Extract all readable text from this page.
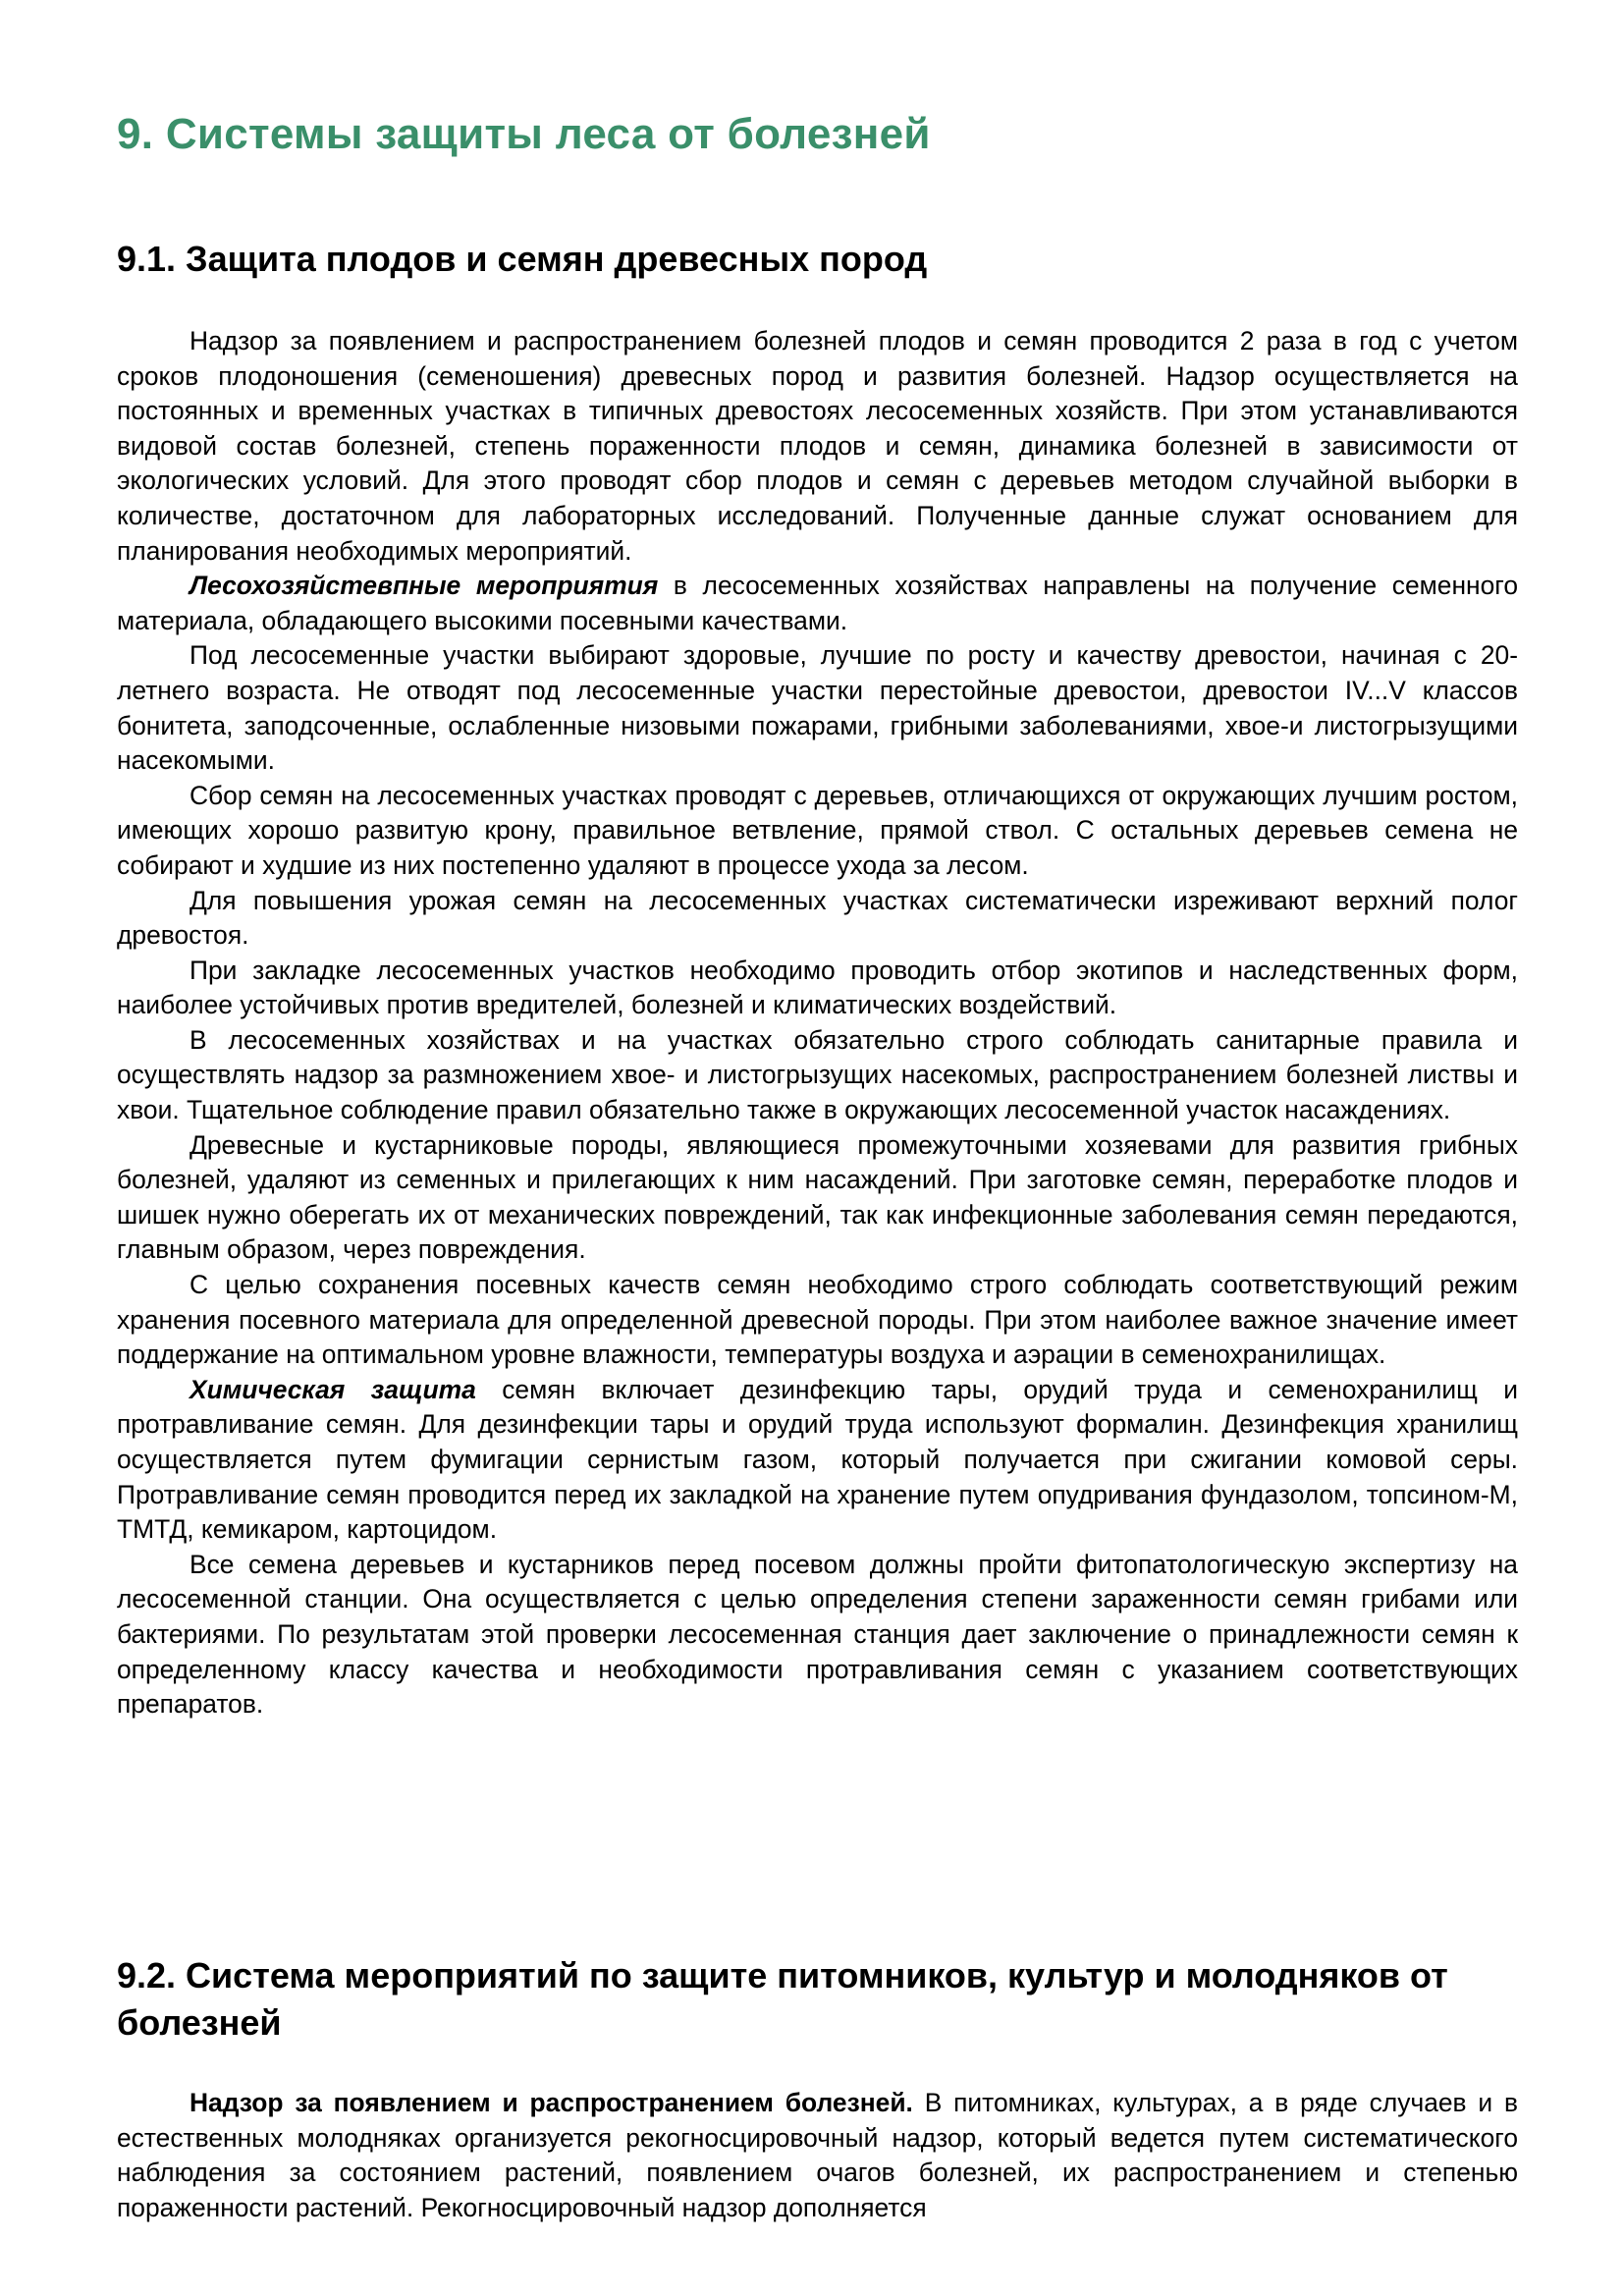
9. Системы защиты леса от болезней
9.1. Защита плодов и семян древесных пород

Надзор за появлением и распространением болезней плодов и семян проводится 2 раза в год с учетом сроков плодоношения (семеношения) древесных пород и развития болезней. Надзор осуществляется на постоянных и временных участках в типичных древостоях лесосеменных хозяйств. При этом устанавливаются видовой состав болезней, степень пораженности плодов и семян, динамика болезней в зависимости от экологических условий. Для этого проводят сбор плодов и семян с деревьев методом случайной выборки в количестве, достаточном для лабораторных исследований. Полученные данные служат основанием для планирования необходимых мероприятий.

Лесохозяйстевпные мероприятия в лесосеменных хозяйствах направлены на получение семенного материала, обладающего высокими посевными качествами.

Под лесосеменные участки выбирают здоровые, лучшие по росту и качеству древостои, начиная с 20-летнего возраста. Не отводят под лесосеменные участки перестойные древостои, древостои IV...V классов бонитета, заподсоченные, ослабленные низовыми пожарами, грибными заболеваниями, хвое-и листогрызущими насекомыми.

Сбор семян на лесосеменных участках проводят с деревьев, отличающихся от окружающих лучшим ростом, имеющих хорошо развитую крону, правильное ветвление, прямой ствол. С остальных деревьев семена не собирают и худшие из них постепенно удаляют в процессе ухода за лесом.

Для повышения урожая семян на лесосеменных участках систематически изреживают верхний полог древостоя.

При закладке лесосеменных участков необходимо проводить отбор экотипов и наследственных форм, наиболее устойчивых против вредителей, болезней и климатических воздействий.

В лесосеменных хозяйствах и на участках обязательно строго соблюдать санитарные правила и осуществлять надзор за размножением хвое- и листогрызущих насекомых, распространением болезней листвы и хвои. Тщательное соблюдение правил обязательно также в окружающих лесосеменной участок насаждениях.

Древесные и кустарниковые породы, являющиеся промежуточными хозяевами для развития грибных болезней, удаляют из семенных и прилегающих к ним насаждений. При заготовке семян, переработке плодов и шишек нужно оберегать их от механических повреждений, так как инфекционные заболевания семян передаются, главным образом, через повреждения.

С целью сохранения посевных качеств семян необходимо строго соблюдать соответствующий режим хранения посевного материала для определенной древесной породы. При этом наиболее важное значение имеет поддержание на оптимальном уровне влажности, температуры воздуха и аэрации в семенохранилищах.

Химическая защита семян включает дезинфекцию тары, орудий труда и семенохранилищ и протравливание семян. Для дезинфекции тары и орудий труда используют формалин. Дезинфекция хранилищ осуществляется путем фумигации сернистым газом, который получается при сжигании комовой серы. Протравливание семян проводится перед их закладкой на хранение путем опудривания фундазолом, топсином-М, ТМТД, кемикаром, картоцидом.

Все семена деревьев и кустарников перед посевом должны пройти фитопатологическую экспертизу на лесосеменной станции. Она осуществляется с целью определения степени зараженности семян грибами или бактериями. По результатам этой проверки лесосеменная станция дает заключение о принадлежности семян к определенному классу качества и необходимости протравливания семян с указанием соответствующих препаратов.

9.2. Система мероприятий по защите питомников, культур и молодняков от болезней

Надзор за появлением и распространением болезней. В питомниках, культурах, а в ряде случаев и в естественных молодняках организуется рекогносцировочный надзор, который ведется путем систематического наблюдения за состоянием растений, появлением очагов болезней, их распространением и степенью пораженности растений. Рекогносцировочный надзор дополняется
